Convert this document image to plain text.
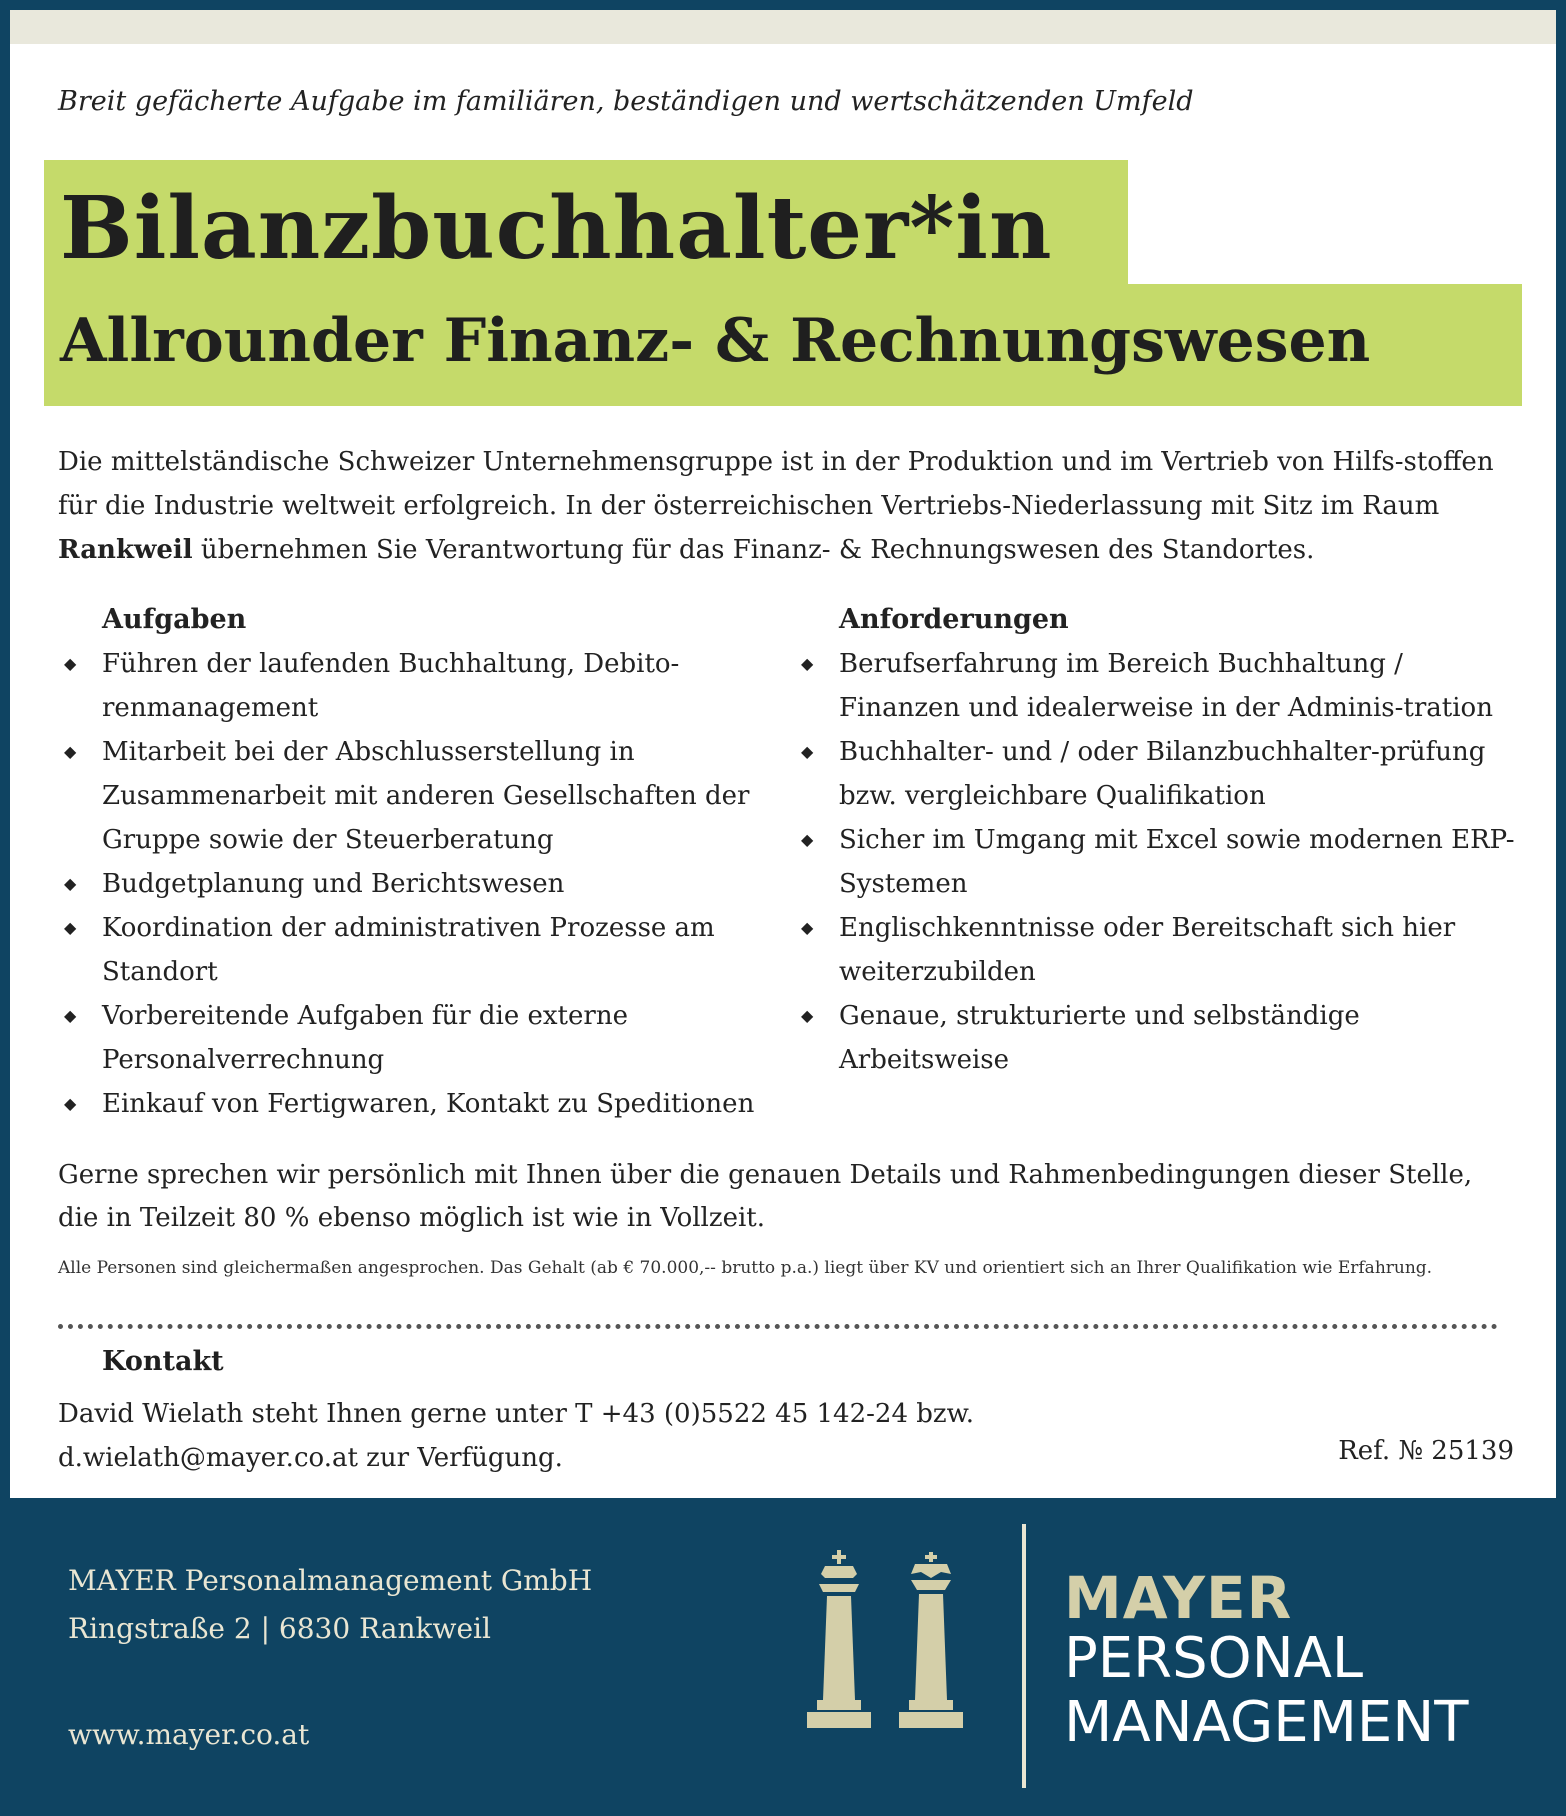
Breit gefächerte Aufgabe im familiären, beständigen und wertschätzenden Umfeld
Bilanzbuchhalter*in
Allrounder Finanz- & Rechnungswesen
Die mittelständische Schweizer Unternehmensgruppe ist in der Produktion und im Vertrieb von Hilfs-stoffen für die Industrie weltweit erfolgreich. In der österreichischen Vertriebs-Niederlassung mit Sitz im Raum Rankweil übernehmen Sie Verantwortung für das Finanz- & Rechnungswesen des Standortes.
Aufgaben
◆ Führen der laufenden Buchhaltung, Debito-renmanagement
◆ Mitarbeit bei der Abschlusserstellung in Zusammenarbeit mit anderen Gesellschaften der Gruppe sowie der Steuerberatung
◆ Budgetplanung und Berichtswesen
◆ Koordination der administrativen Prozesse am Standort
◆ Vorbereitende Aufgaben für die externe Personalverrechnung
◆ Einkauf von Fertigwaren, Kontakt zu Speditionen
Anforderungen
◆ Berufserfahrung im Bereich Buchhaltung / Finanzen und idealerweise in der Adminis-tration
◆ Buchhalter- und / oder Bilanzbuchhalter-prüfung bzw. vergleichbare Qualifikation
◆ Sicher im Umgang mit Excel sowie modernen ERP-Systemen
◆ Englischkenntnisse oder Bereitschaft sich hier weiterzubilden
◆ Genaue, strukturierte und selbständige Arbeitsweise
Gerne sprechen wir persönlich mit Ihnen über die genauen Details und Rahmenbedingungen dieser Stelle, die in Teilzeit 80 % ebenso möglich ist wie in Vollzeit.
Alle Personen sind gleichermaßen angesprochen. Das Gehalt (ab € 70.000,-- brutto p.a.) liegt über KV und orientiert sich an Ihrer Qualifikation wie Erfahrung.
Kontakt
David Wielath steht Ihnen gerne unter T +43 (0)5522 45 142-24 bzw. d.wielath@mayer.co.at zur Verfügung.	Ref. № 25139
MAYER Personalmanagement GmbH
Ringstraße 2 | 6830 Rankweil
www.mayer.co.at
MAYER
PERSONAL
MANAGEMENT
